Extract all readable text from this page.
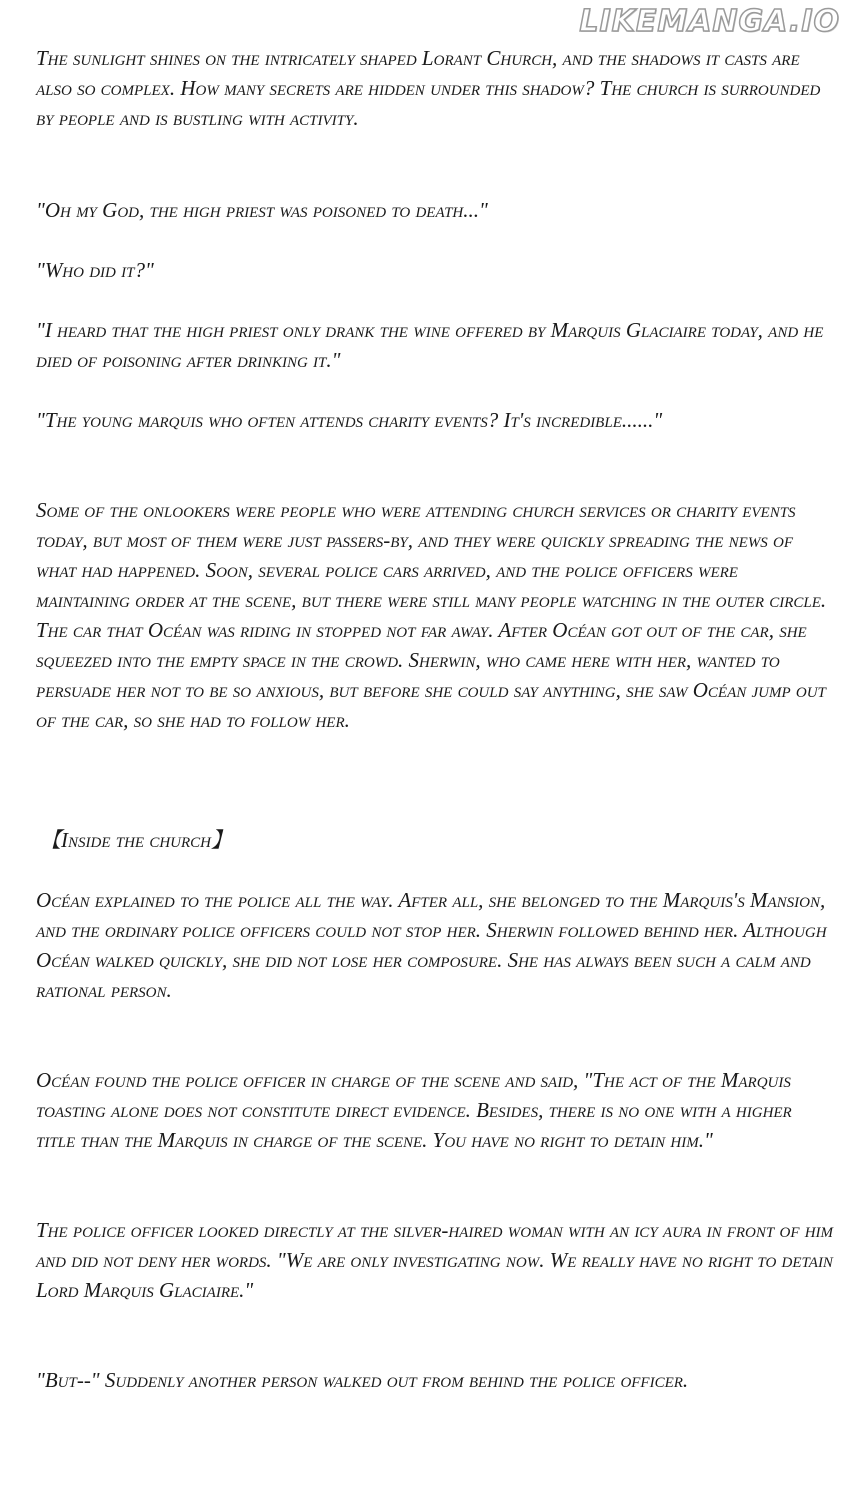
LIKEMANGA.IO

The sunlight shines on the intricately shaped Lorant Church, and the shadows it casts are also so complex. How many secrets are hidden under this shadow? The church is surrounded by people and is bustling with activity.

"Oh my God, the high priest was poisoned to death..."

"Who did it?"

"I heard that the high priest only drank the wine offered by Marquis Glaciaire today, and he died of poisoning after drinking it."

"The young marquis who often attends charity events? It's incredible......"

Some of the onlookers were people who were attending church services or charity events today, but most of them were just passers-by, and they were quickly spreading the news of what had happened. Soon, several police cars arrived, and the police officers were maintaining order at the scene, but there were still many people watching in the outer circle. The car that Océan was riding in stopped not far away. After Océan got out of the car, she squeezed into the empty space in the crowd. Sherwin, who came here with her, wanted to persuade her not to be so anxious, but before she could say anything, she saw Océan jump out of the car, so she had to follow her.

【Inside the church】

Océan explained to the police all the way. After all, she belonged to the Marquis's Mansion, and the ordinary police officers could not stop her. Sherwin followed behind her. Although Océan walked quickly, she did not lose her composure. She has always been such a calm and rational person.

Océan found the police officer in charge of the scene and said, "The act of the Marquis toasting alone does not constitute direct evidence. Besides, there is no one with a higher title than the Marquis in charge of the scene. You have no right to detain him."

The police officer looked directly at the silver-haired woman with an icy aura in front of him and did not deny her words. "We are only investigating now. We really have no right to detain Lord Marquis Glaciaire."

"But--" Suddenly another person walked out from behind the police officer.
